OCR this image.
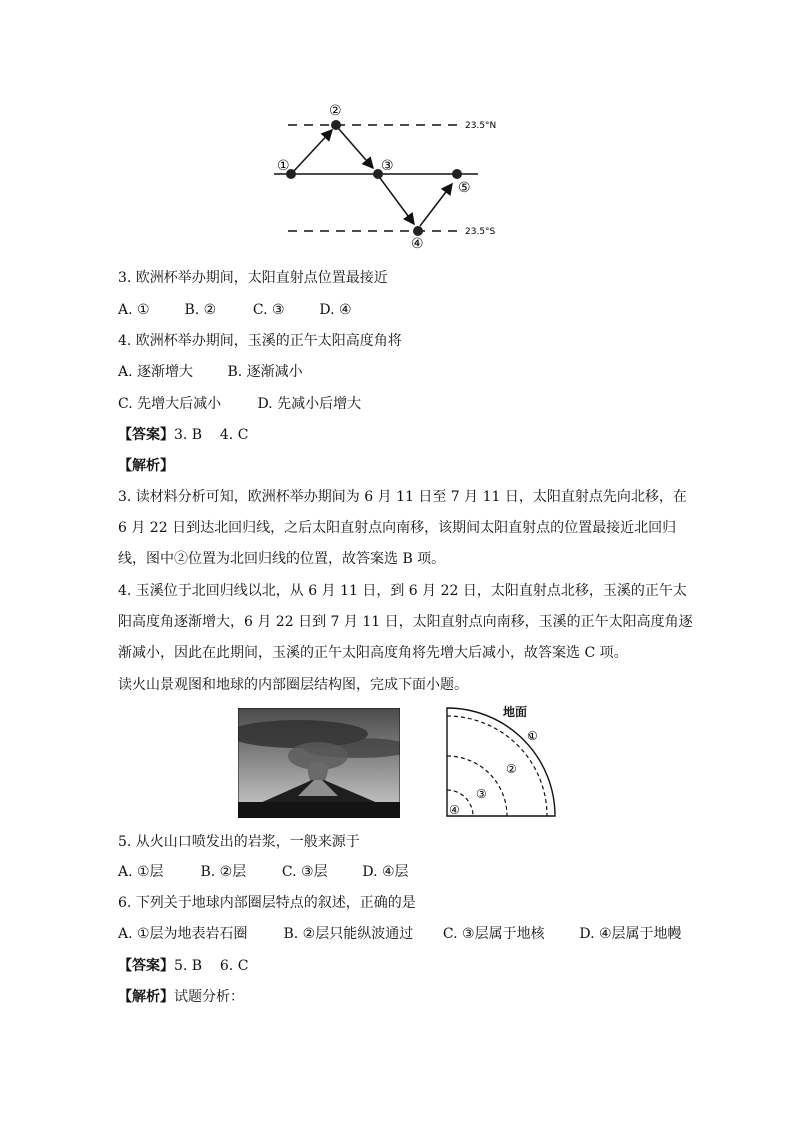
②
①	③
⑤
④
23.5°N
23.5°S
3. 欧洲杯举办期间，太阳直射点位置最接近
A. ① B. ②	C. ③ D. ④
4. 欧洲杯举办期间，玉溪的正午太阳高度角将
A. 逐渐增大 B. 逐渐减小
C. 先增大后减小	D. 先减小后增大
【答案】3. B    4. C
【解析】
3. 读材料分析可知，欧洲杯举办期间为 6 月 11 日至 7 月 11 日，太阳直射点先向北移，在
6 月 22 日到达北回归线，之后太阳直射点向南移，该期间太阳直射点的位置最接近北回归
线，图中②位置为北回归线的位置，故答案选 B 项。
4. 玉溪位于北回归线以北，从 6 月 11 日，到 6 月 22 日，太阳直射点北移，玉溪的正午太
阳高度角逐渐增大，6 月 22 日到 7 月 11 日，太阳直射点向南移，玉溪的正午太阳高度角逐
渐减小，因此在此期间，玉溪的正午太阳高度角将先增大后减小，故答案选 C 项。
读火山景观图和地球的内部圈层结构图，完成下面小题。
①
②
③
④
地面
5. 从火山口喷发出的岩浆，一般来源于
A. ①层	B. ②层	C. ③层 D. ④层
6. 下列关于地球内部圈层特点的叙述，正确的是
A. ①层为地表岩石圈	B. ②层只能纵波通过 C. ③层属于地核 D. ④层属于地幔
【答案】5. B    6. C
【解析】试题分析：
